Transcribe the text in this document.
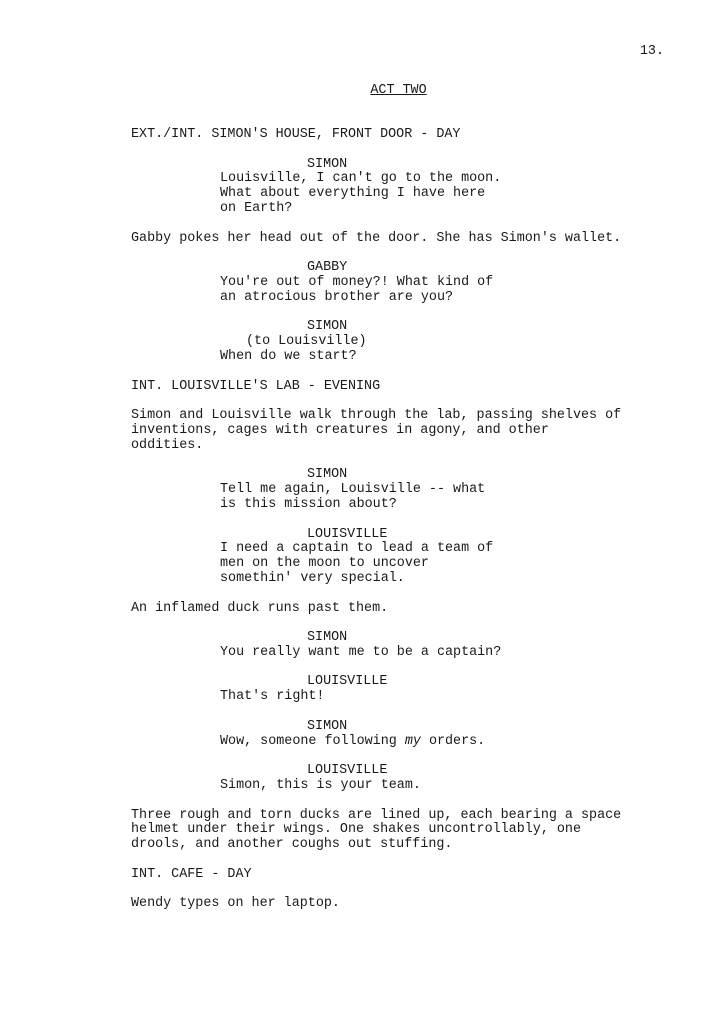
13.
ACT TWO
EXT./INT. SIMON'S HOUSE, FRONT DOOR - DAY
SIMON
Louisville, I can't go to the moon.
What about everything I have here
on Earth?
Gabby pokes her head out of the door. She has Simon's wallet.
GABBY
You're out of money?! What kind of
an atrocious brother are you?
SIMON
(to Louisville)
When do we start?
INT. LOUISVILLE'S LAB - EVENING
Simon and Louisville walk through the lab, passing shelves of
inventions, cages with creatures in agony, and other
oddities.
SIMON
Tell me again, Louisville -- what
is this mission about?
LOUISVILLE
I need a captain to lead a team of
men on the moon to uncover
somethin' very special.
An inflamed duck runs past them.
SIMON
You really want me to be a captain?
LOUISVILLE
That's right!
SIMON
Wow, someone following my orders.
LOUISVILLE
Simon, this is your team.
Three rough and torn ducks are lined up, each bearing a space
helmet under their wings. One shakes uncontrollably, one
drools, and another coughs out stuffing.
INT. CAFE - DAY
Wendy types on her laptop.
